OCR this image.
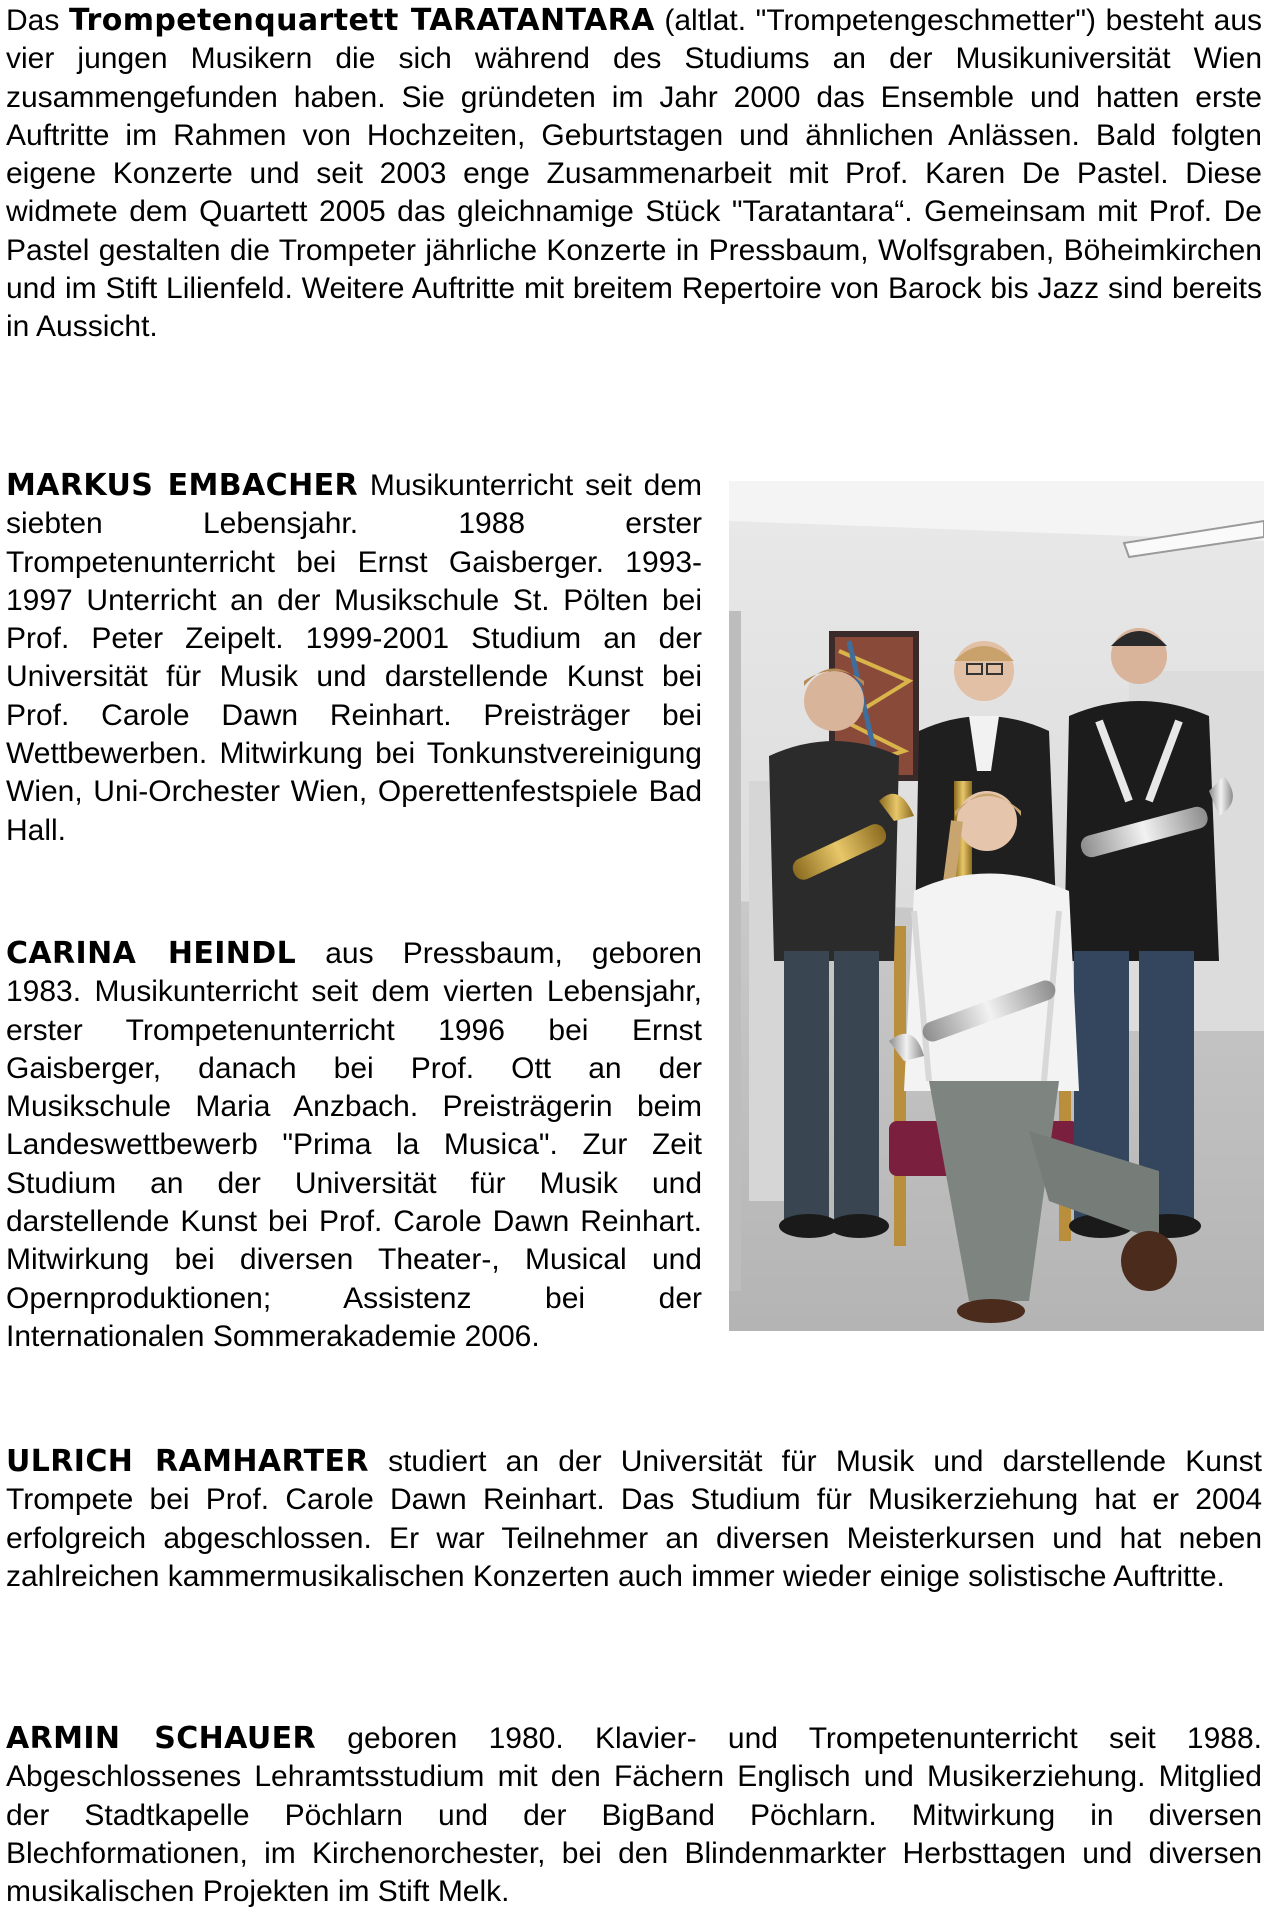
Das Trompetenquartett TARATANTARA (altlat. "Trompetengeschmetter") besteht aus vier jungen Musikern die sich während des Studiums an der Musikuniversität Wien zusammengefunden haben. Sie gründeten im Jahr 2000 das Ensemble und hatten erste Auftritte im Rahmen von Hochzeiten, Geburtstagen und ähnlichen Anlässen. Bald folgten eigene Konzerte und seit 2003 enge Zusammenarbeit mit Prof. Karen De Pastel. Diese widmete dem Quartett 2005 das gleichnamige Stück "Taratantara“. Gemeinsam mit Prof. De Pastel gestalten die Trompeter jährliche Konzerte in Pressbaum, Wolfsgraben, Böheimkirchen und im Stift Lilienfeld. Weitere Auftritte mit breitem Repertoire von Barock bis Jazz sind bereits in Aussicht.

MARKUS EMBACHER Musikunterricht seit dem siebten Lebensjahr. 1988 erster Trompetenunterricht bei Ernst Gaisberger. 1993-1997 Unterricht an der Musikschule St. Pölten bei Prof. Peter Zeipelt. 1999-2001 Studium an der Universität für Musik und darstellende Kunst bei Prof. Carole Dawn Reinhart. Preisträger bei Wettbewerben. Mitwirkung bei Tonkunstvereinigung Wien, Uni-Orchester Wien, Operettenfestspiele Bad Hall.

CARINA HEINDL aus Pressbaum, geboren 1983. Musikunterricht seit dem vierten Lebensjahr, erster Trompetenunterricht 1996 bei Ernst Gaisberger, danach bei Prof. Ott an der Musikschule Maria Anzbach. Preisträgerin beim Landeswettbewerb "Prima la Musica". Zur Zeit Studium an der Universität für Musik und darstellende Kunst bei Prof. Carole Dawn Reinhart. Mitwirkung bei diversen Theater-, Musical und Opernproduktionen; Assistenz bei der Internationalen Sommerakademie 2006.

ULRICH RAMHARTER studiert an der Universität für Musik und darstellende Kunst Trompete bei Prof. Carole Dawn Reinhart. Das Studium für Musikerziehung hat er 2004 erfolgreich abgeschlossen. Er war Teilnehmer an diversen Meisterkursen und hat neben zahlreichen kammermusikalischen Konzerten auch immer wieder einige solistische Auftritte.

ARMIN SCHAUER geboren 1980. Klavier- und Trompetenunterricht seit 1988. Abgeschlossenes Lehramtsstudium mit den Fächern Englisch und Musikerziehung. Mitglied der Stadtkapelle Pöchlarn und der BigBand Pöchlarn. Mitwirkung in diversen Blechformationen, im Kirchenorchester, bei den Blindenmarkter Herbsttagen und diversen musikalischen Projekten im Stift Melk.
